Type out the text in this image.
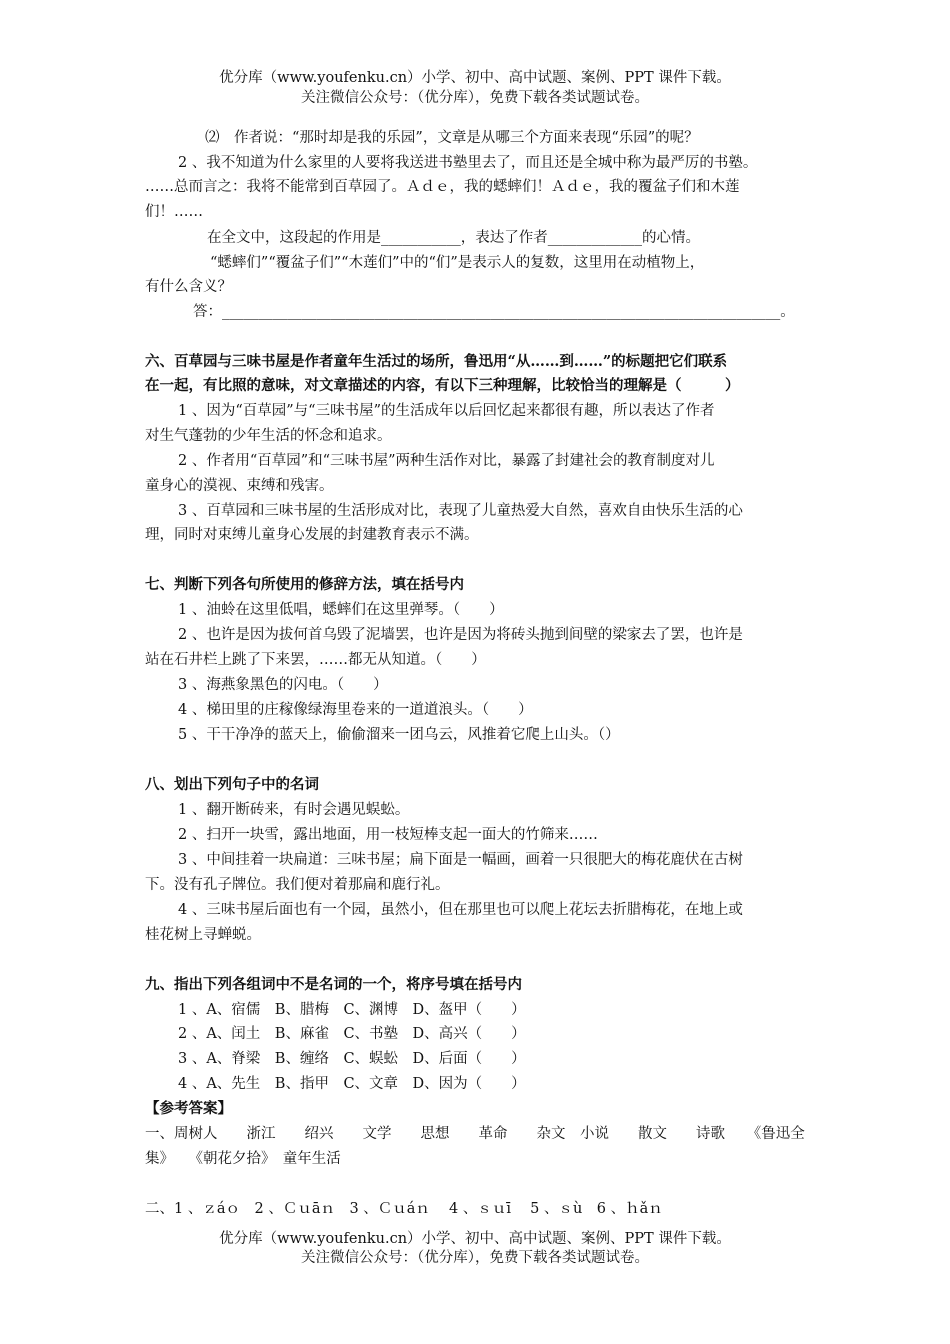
优分库（www.youfenku.cn）小学、初中、高中试题、案例、PPT 课件下载。
关注微信公众号：（优分库），免费下载各类试题试卷。
⑵　作者说：“那时却是我的乐园”，文章是从哪三个方面来表现“乐园”的呢？
2 、我不知道为什么家里的人要将我送进书塾里去了，而且还是全城中称为最严厉的书塾。
……总而言之：我将不能常到百草园了。Ａｄｅ，我的蟋蟀们！Ａｄｅ，我的覆盆子们和木莲
们！……
在全文中，这段起的作用是___________，表达了作者_____________的心情。
“蟋蟀们”“覆盆子们”“木莲们”中的“们”是表示人的复数，这里用在动植物上，
有什么含义？
答：_____________________________________________________________________________。
六、百草园与三味书屋是作者童年生活过的场所，鲁迅用“从……到……”的标题把它们联系
在一起，有比照的意味，对文章描述的内容，有以下三种理解，比较恰当的理解是（　　　）
1 、因为“百草园”与“三味书屋”的生活成年以后回忆起来都很有趣，所以表达了作者
对生气蓬勃的少年生活的怀念和追求。
2 、作者用“百草园”和“三味书屋”两种生活作对比，暴露了封建社会的教育制度对儿
童身心的漠视、束缚和残害。
3 、百草园和三味书屋的生活形成对比，表现了儿童热爱大自然，喜欢自由快乐生活的心
理，同时对束缚儿童身心发展的封建教育表示不满。
七、判断下列各句所使用的修辞方法，填在括号内
1 、油蛉在这里低唱，蟋蟀们在这里弹琴。（　　）
2 、也许是因为拔何首乌毁了泥墙罢，也许是因为将砖头抛到间壁的梁家去了罢，也许是
站在石井栏上跳了下来罢，……都无从知道。（　　）
3 、海燕象黑色的闪电。（　　）
4 、梯田里的庄稼像绿海里卷来的一道道浪头。（　　）
5 、干干净净的蓝天上，偷偷溜来一团乌云，风推着它爬上山头。（）
八、划出下列句子中的名词
1 、翻开断砖来，有时会遇见蜈蚣。
2 、扫开一块雪，露出地面，用一枝短棒支起一面大的竹筛来……
3 、中间挂着一块扁道：三味书屋；扁下面是一幅画，画着一只很肥大的梅花鹿伏在古树
下。没有孔子牌位。我们便对着那扁和鹿行礼。
4 、三味书屋后面也有一个园，虽然小，但在那里也可以爬上花坛去折腊梅花，在地上或
桂花树上寻蝉蜕。
九、指出下列各组词中不是名词的一个，将序号填在括号内
1 、A、宿儒　B、腊梅　C、渊博　D、盔甲（　　）
2 、A、闰土　B、麻雀　C、书塾　D、高兴（　　）
3 、A、脊梁　B、缠络　C、蜈蚣　D、后面（　　）
4 、A、先生　B、指甲　C、文章　D、因为（　　）
【参考答案】
一、周树人　　浙江　　绍兴　　文学　　思想　　革命　　杂文　小说　　散文　　诗歌　　《鲁迅全
集》　　《朝花夕拾》　童年生活
二、1 、ｚáｏ　2 、Ｃｕāｎ　3 、Ｃｕáｎ　 4 、ｓｕī　 5 、ｓù　6 、ｈǎｎ
优分库（www.youfenku.cn）小学、初中、高中试题、案例、PPT 课件下载。
关注微信公众号：（优分库），免费下载各类试题试卷。
